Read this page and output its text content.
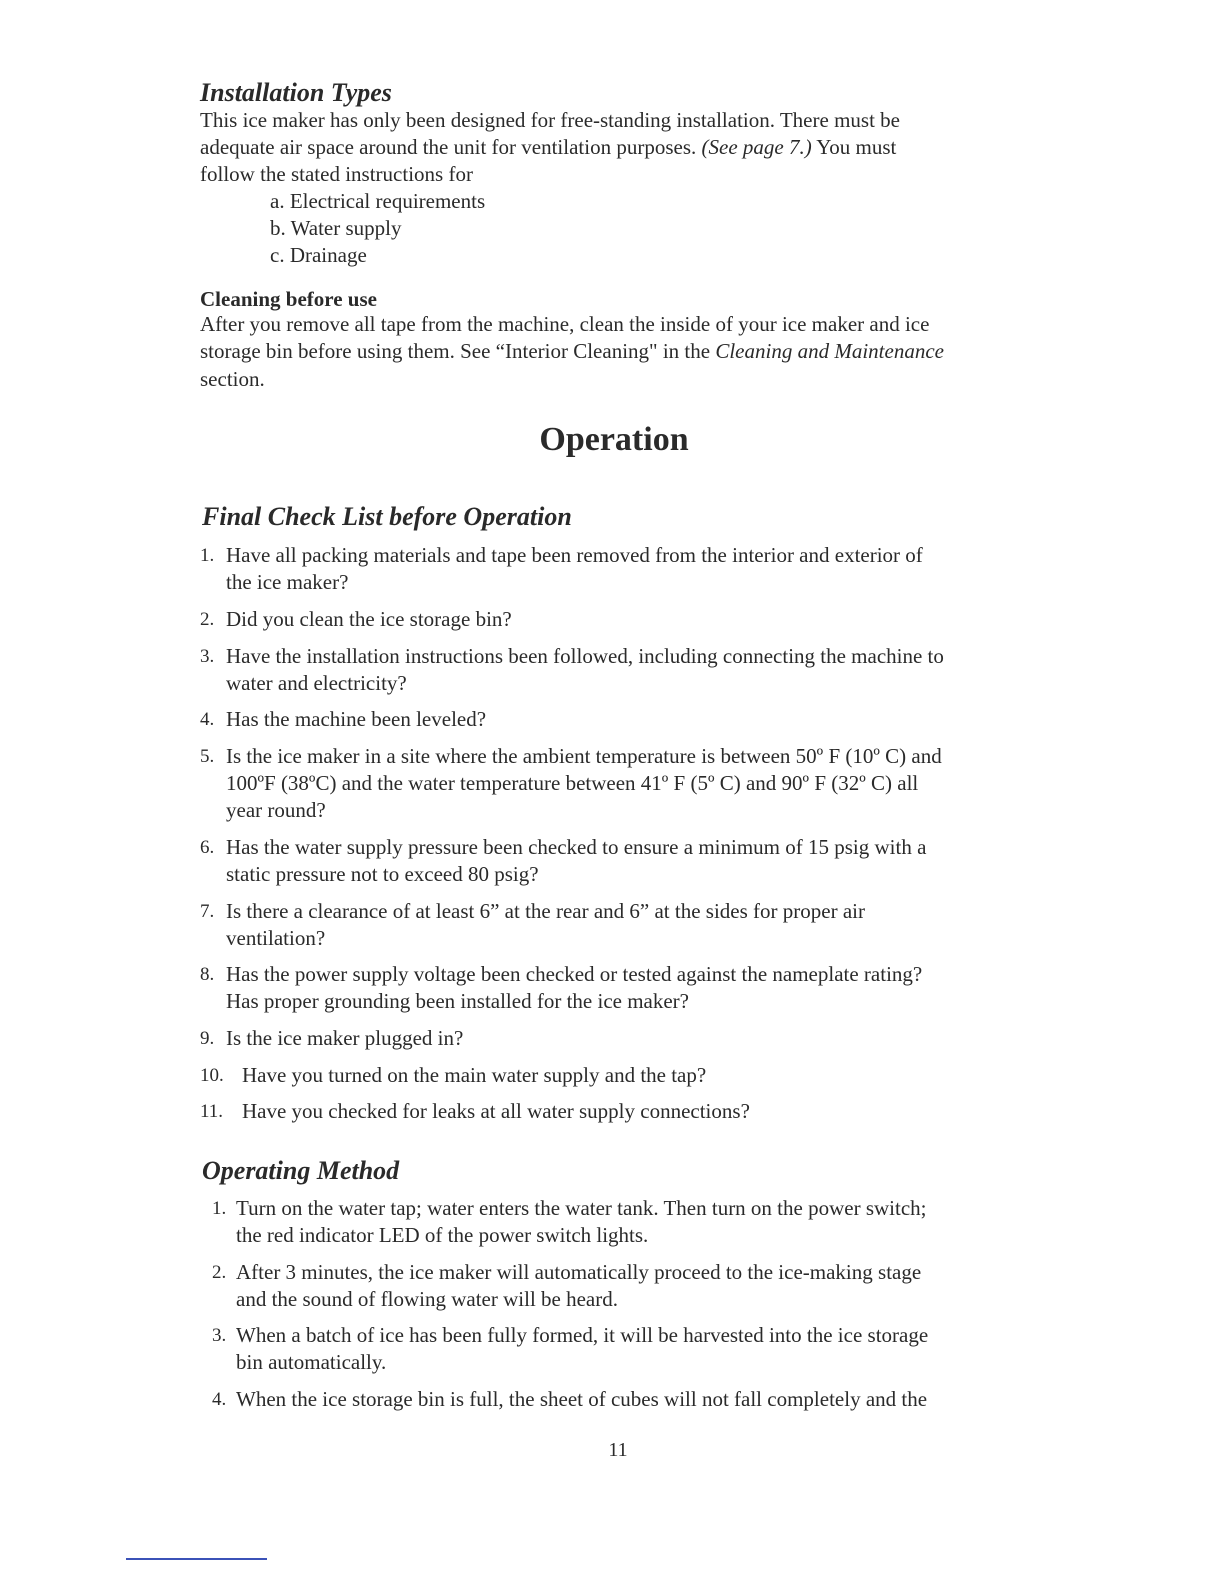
Installation Types

This ice maker has only been designed for free-standing installation. There must be

adequate air space around the unit for ventilation purposes. (See page 7.) You must

follow the stated instructions for

a. Electrical requirements

b. Water supply

c. Drainage

Cleaning before use

After you remove all tape from the machine, clean the inside of your ice maker and ice

storage bin before using them. See “Interior Cleaning" in the Cleaning and Maintenance

section.

Operation
Final Check List before Operation
1. Have all packing materials and tape been removed from the interior and exterior of
the ice maker?
2. Did you clean the ice storage bin?
3. Have the installation instructions been followed, including connecting the machine to
water and electricity?
4. Has the machine been leveled?
5. Is the ice maker in a site where the ambient temperature is between 50º F (10º C) and
100ºF (38ºC) and the water temperature between 41º F (5º C) and 90º F (32º C) all
year round?
6. Has the water supply pressure been checked to ensure a minimum of 15 psig with a
static pressure not to exceed 80 psig?
7. Is there a clearance of at least 6” at the rear and 6” at the sides for proper air
ventilation?
8. Has the power supply voltage been checked or tested against the nameplate rating?
Has proper grounding been installed for the ice maker?
9. Is the ice maker plugged in?
10. Have you turned on the main water supply and the tap?
11. Have you checked for leaks at all water supply connections?
Operating Method
1. Turn on the water tap; water enters the water tank. Then turn on the power switch;
the red indicator LED of the power switch lights.
2. After 3 minutes, the ice maker will automatically proceed to the ice-making stage
and the sound of flowing water will be heard.
3. When a batch of ice has been fully formed, it will be harvested into the ice storage
bin automatically.
4. When the ice storage bin is full, the sheet of cubes will not fall completely and the
11
